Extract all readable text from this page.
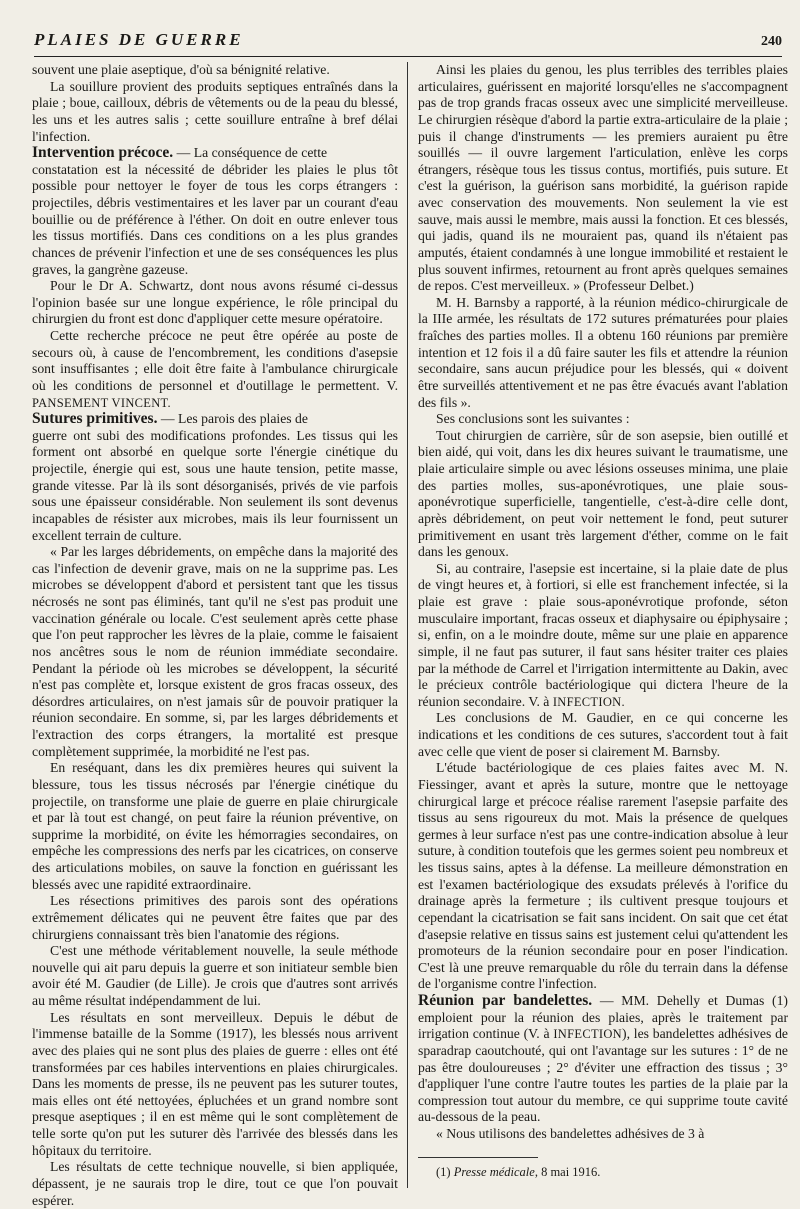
PLAIES DE GUERRE	240

souvent une plaie aseptique, d'où sa bénignité relative.

La souillure provient des produits septiques entraînés dans la plaie ; boue, cailloux, débris de vêtements ou de la peau du blessé, les uns et les autres salis ; cette souillure entraîne à bref délai l'infection.

Intervention précoce. — La conséquence de cette

constatation est la nécessité de débrider les plaies le plus tôt possible pour nettoyer le foyer de tous les corps étrangers : projectiles, débris vestimentaires et les laver par un courant d'eau bouillie ou de préférence à l'éther. On doit en outre enlever tous les tissus mortifiés. Dans ces conditions on a les plus grandes chances de prévenir l'infection et une de ses conséquences les plus graves, la gangrène gazeuse.

Pour le Dr A. Schwartz, dont nous avons résumé ci-dessus l'opinion basée sur une longue expérience, le rôle principal du chirurgien du front est donc d'appliquer cette mesure opératoire.

Cette recherche précoce ne peut être opérée au poste de secours où, à cause de l'encombrement, les conditions d'asepsie sont insuffisantes ; elle doit être faite à l'ambulance chirurgicale où les conditions de personnel et d'outillage le permettent. V. PANSEMENT VINCENT.

Sutures primitives. — Les parois des plaies de

guerre ont subi des modifications profondes. Les tissus qui les forment ont absorbé en quelque sorte l'énergie cinétique du projectile, énergie qui est, sous une haute tension, petite masse, grande vitesse. Par là ils sont désorganisés, privés de vie parfois sous une épaisseur considérable. Non seulement ils sont devenus incapables de résister aux microbes, mais ils leur fournissent un excellent terrain de culture.

« Par les larges débridements, on empêche dans la majorité des cas l'infection de devenir grave, mais on ne la supprime pas. Les microbes se développent d'abord et persistent tant que les tissus nécrosés ne sont pas éliminés, tant qu'il ne s'est pas produit une vaccination générale ou locale. C'est seulement après cette phase que l'on peut rapprocher les lèvres de la plaie, comme le faisaient nos ancêtres sous le nom de réunion immédiate secondaire. Pendant la période où les microbes se développent, la sécurité n'est pas complète et, lorsque existent de gros fracas osseux, des désordres articulaires, on n'est jamais sûr de pouvoir pratiquer la réunion secondaire. En somme, si, par les larges débridements et l'extraction des corps étrangers, la mortalité est presque complètement supprimée, la morbidité ne l'est pas.

En reséquant, dans les dix premières heures qui suivent la blessure, tous les tissus nécrosés par l'énergie cinétique du projectile, on transforme une plaie de guerre en plaie chirurgicale et par là tout est changé, on peut faire la réunion préventive, on supprime la morbidité, on évite les hémorragies secondaires, on empêche les compressions des nerfs par les cicatrices, on conserve des articulations mobiles, on sauve la fonction en guérissant les blessés avec une rapidité extraordinaire.

Les résections primitives des parois sont des opérations extrêmement délicates qui ne peuvent être faites que par des chirurgiens connaissant très bien l'anatomie des régions.

C'est une méthode véritablement nouvelle, la seule méthode nouvelle qui ait paru depuis la guerre et son initiateur semble bien avoir été M. Gaudier (de Lille). Je crois que d'autres sont arrivés au même résultat indépendamment de lui.

Les résultats en sont merveilleux. Depuis le début de l'immense bataille de la Somme (1917), les blessés nous arrivent avec des plaies qui ne sont plus des plaies de guerre : elles ont été transformées par ces habiles interventions en plaies chirurgicales. Dans les moments de presse, ils ne peuvent pas les suturer toutes, mais elles ont été nettoyées, épluchées et un grand nombre sont presque aseptiques ; il en est même qui le sont complètement de telle sorte qu'on put les suturer dès l'arrivée des blessés dans les hôpitaux du territoire.

Les résultats de cette technique nouvelle, si bien appliquée, dépassent, je ne saurais trop le dire, tout ce que l'on pouvait espérer.

Ainsi les plaies du genou, les plus terribles des terribles plaies articulaires, guérissent en majorité lorsqu'elles ne s'accompagnent pas de trop grands fracas osseux avec une simplicité merveilleuse. Le chirurgien résèque d'abord la partie extra-articulaire de la plaie ; puis il change d'instruments — les premiers auraient pu être souillés — il ouvre largement l'articulation, enlève les corps étrangers, résèque tous les tissus contus, mortifiés, puis suture. Et c'est la guérison, la guérison sans morbidité, la guérison rapide avec conservation des mouvements. Non seulement la vie est sauve, mais aussi le membre, mais aussi la fonction. Et ces blessés, qui jadis, quand ils ne mouraient pas, quand ils n'étaient pas amputés, étaient condamnés à une longue immobilité et restaient le plus souvent infirmes, retournent au front après quelques semaines de repos. C'est merveilleux. » (Professeur Delbet.)

M. H. Barnsby a rapporté, à la réunion médico-chirurgicale de la IIIe armée, les résultats de 172 sutures prématurées pour plaies fraîches des parties molles. Il a obtenu 160 réunions par première intention et 12 fois il a dû faire sauter les fils et attendre la réunion secondaire, sans aucun préjudice pour les blessés, qui « doivent être surveillés attentivement et ne pas être évacués avant l'ablation des fils ».

Ses conclusions sont les suivantes :

Tout chirurgien de carrière, sûr de son asepsie, bien outillé et bien aidé, qui voit, dans les dix heures suivant le traumatisme, une plaie articulaire simple ou avec lésions osseuses minima, une plaie des parties molles, sus-aponévrotiques, une plaie sous-aponévrotique superficielle, tangentielle, c'est-à-dire celle dont, après débridement, on peut voir nettement le fond, peut suturer primitivement en usant très largement d'éther, comme on le fait dans les genoux.

Si, au contraire, l'asepsie est incertaine, si la plaie date de plus de vingt heures et, à fortiori, si elle est franchement infectée, si la plaie est grave : plaie sous-aponévrotique profonde, séton musculaire important, fracas osseux et diaphysaire ou épiphysaire ; si, enfin, on a le moindre doute, même sur une plaie en apparence simple, il ne faut pas suturer, il faut sans hésiter traiter ces plaies par la méthode de Carrel et l'irrigation intermittente au Dakin, avec le précieux contrôle bactériologique qui dictera l'heure de la réunion secondaire. V. à INFECTION.

Les conclusions de M. Gaudier, en ce qui concerne les indications et les conditions de ces sutures, s'accordent tout à fait avec celle que vient de poser si clairement M. Barnsby.

L'étude bactériologique de ces plaies faites avec M. N. Fiessinger, avant et après la suture, montre que le nettoyage chirurgical large et précoce réalise rarement l'asepsie parfaite des tissus au sens rigoureux du mot. Mais la présence de quelques germes à leur surface n'est pas une contre-indication absolue à leur suture, à condition toutefois que les germes soient peu nombreux et les tissus sains, aptes à la défense. La meilleure démonstration en est l'examen bactériologique des exsudats prélevés à l'orifice du drainage après la fermeture ; ils cultivent presque toujours et cependant la cicatrisation se fait sans incident. On sait que cet état d'asepsie relative en tissus sains est justement celui qu'attendent les promoteurs de la réunion secondaire pour en poser l'indication. C'est là une preuve remarquable du rôle du terrain dans la défense de l'organisme contre l'infection.

Réunion par bandelettes. — MM. Dehelly et Dumas (1) emploient pour la réunion des plaies, après le traitement par irrigation continue (V. à INFECTION), les bandelettes adhésives de sparadrap caoutchouté, qui ont l'avantage sur les sutures : 1° de ne pas être douloureuses ; 2° d'éviter une effraction des tissus ; 3° d'appliquer l'une contre l'autre toutes les parties de la plaie par la compression tout autour du membre, ce qui supprime toute cavité au-dessous de la peau.

« Nous utilisons des bandelettes adhésives de 3 à

(1) Presse médicale, 8 mai 1916.
